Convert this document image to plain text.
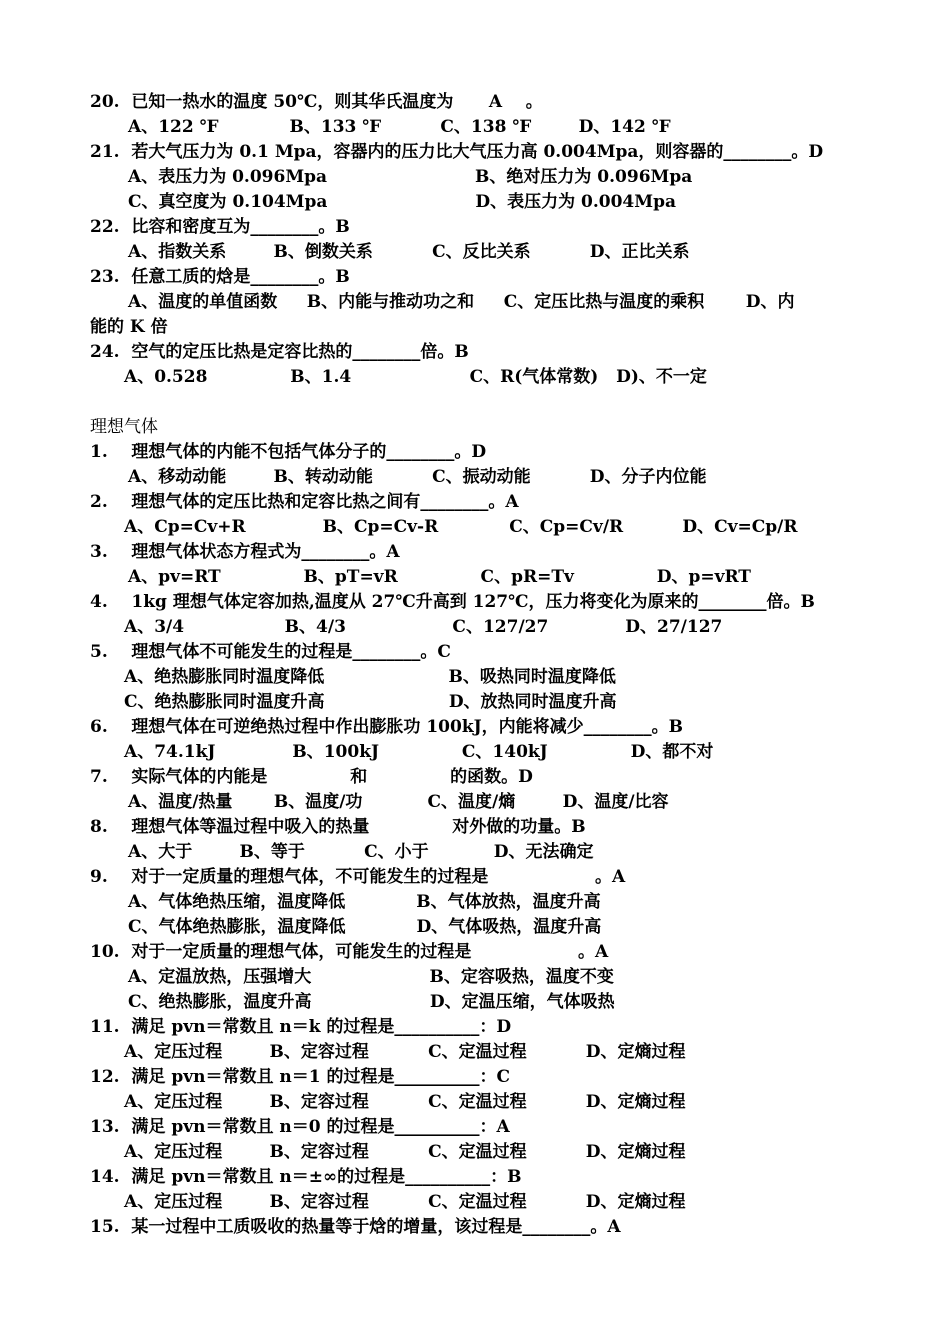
20.  已知一热水的温度 50℃，则其华氏温度为      A    。
A、122 ℉            B、133 ℉          C、138 ℉        D、142 ℉
21.  若大气压力为 0.1 Mpa，容器内的压力比大气压力高 0.004Mpa，则容器的________。D
A、表压力为 0.096Mpa                         B、绝对压力为 0.096Mpa
C、真空度为 0.104Mpa                         D、表压力为 0.004Mpa
22.  比容和密度互为________。B
A、指数关系        B、倒数关系          C、反比关系          D、正比关系
23.  任意工质的焓是________。B
A、温度的单值函数     B、内能与推动功之和     C、定压比热与温度的乘积       D、内
能的 K 倍
24.  空气的定压比热是定容比热的________倍。B
A、0.528              B、1.4                    C、R(气体常数)   D)、不一定
理想气体
1.    理想气体的内能不包括气体分子的________。D
A、移动动能        B、转动动能          C、振动动能          D、分子内位能
2.    理想气体的定压比热和定容比热之间有________。A
A、Cp=Cv+R             B、Cp=Cv-R            C、Cp=Cv/R          D、Cv=Cp/R
3.    理想气体状态方程式为________。A
A、pv=RT              B、pT=vR              C、pR=Tv              D、p=vRT
4.    1kg 理想气体定容加热,温度从 27℃升高到 127℃，压力将变化为原来的________倍。B
A、3/4                 B、4/3                  C、127/27             D、27/127
5.    理想气体不可能发生的过程是________。C
A、绝热膨胀同时温度降低                     B、吸热同时温度降低
C、绝热膨胀同时温度升高                     D、放热同时温度升高
6.    理想气体在可逆绝热过程中作出膨胀功 100kJ，内能将减少________。B
A、74.1kJ             B、100kJ              C、140kJ              D、都不对
7.    实际气体的内能是              和              的函数。D
A、温度/热量       B、温度/功           C、温度/熵        D、温度/比容
8.    理想气体等温过程中吸入的热量              对外做的功量。B
A、大于        B、等于          C、小于           D、无法确定
9.    对于一定质量的理想气体，不可能发生的过程是                  。A
A、气体绝热压缩，温度降低            B、气体放热，温度升高
C、气体绝热膨胀，温度降低            D、气体吸热，温度升高
10.  对于一定质量的理想气体，可能发生的过程是                  。A
A、定温放热，压强增大                    B、定容吸热，温度不变
C、绝热膨胀，温度升高                    D、定温压缩，气体吸热
11.  满足 pvn＝常数且 n＝k 的过程是__________：D
A、定压过程        B、定容过程          C、定温过程          D、定熵过程
12.  满足 pvn＝常数且 n＝1 的过程是__________：C
A、定压过程        B、定容过程          C、定温过程          D、定熵过程
13.  满足 pvn＝常数且 n＝0 的过程是__________：A
A、定压过程        B、定容过程          C、定温过程          D、定熵过程
14.  满足 pvn＝常数且 n＝±∞的过程是__________：B
A、定压过程        B、定容过程          C、定温过程          D、定熵过程
15.  某一过程中工质吸收的热量等于焓的增量，该过程是________。A
